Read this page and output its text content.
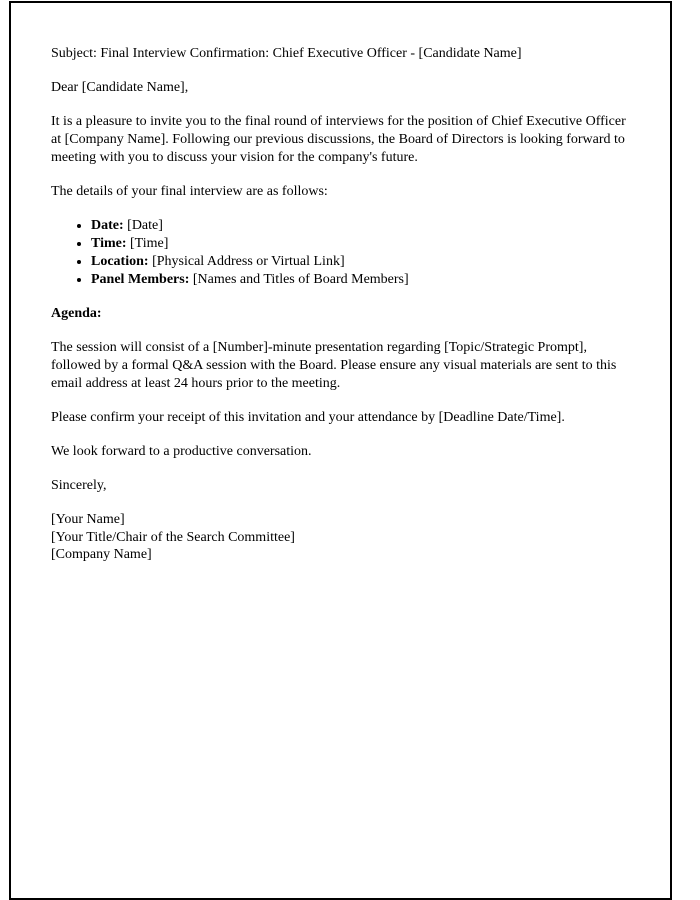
Subject: Final Interview Confirmation: Chief Executive Officer - [Candidate Name]

Dear [Candidate Name],

It is a pleasure to invite you to the final round of interviews for the position of Chief Executive Officer at [Company Name]. Following our previous discussions, the Board of Directors is looking forward to meeting with you to discuss your vision for the company's future.

The details of your final interview are as follows:

• Date: [Date]
• Time: [Time]
• Location: [Physical Address or Virtual Link]
• Panel Members: [Names and Titles of Board Members]

Agenda:

The session will consist of a [Number]-minute presentation regarding [Topic/Strategic Prompt], followed by a formal Q&A session with the Board. Please ensure any visual materials are sent to this email address at least 24 hours prior to the meeting.

Please confirm your receipt of this invitation and your attendance by [Deadline Date/Time].

We look forward to a productive conversation.

Sincerely,

[Your Name]
[Your Title/Chair of the Search Committee]
[Company Name]
